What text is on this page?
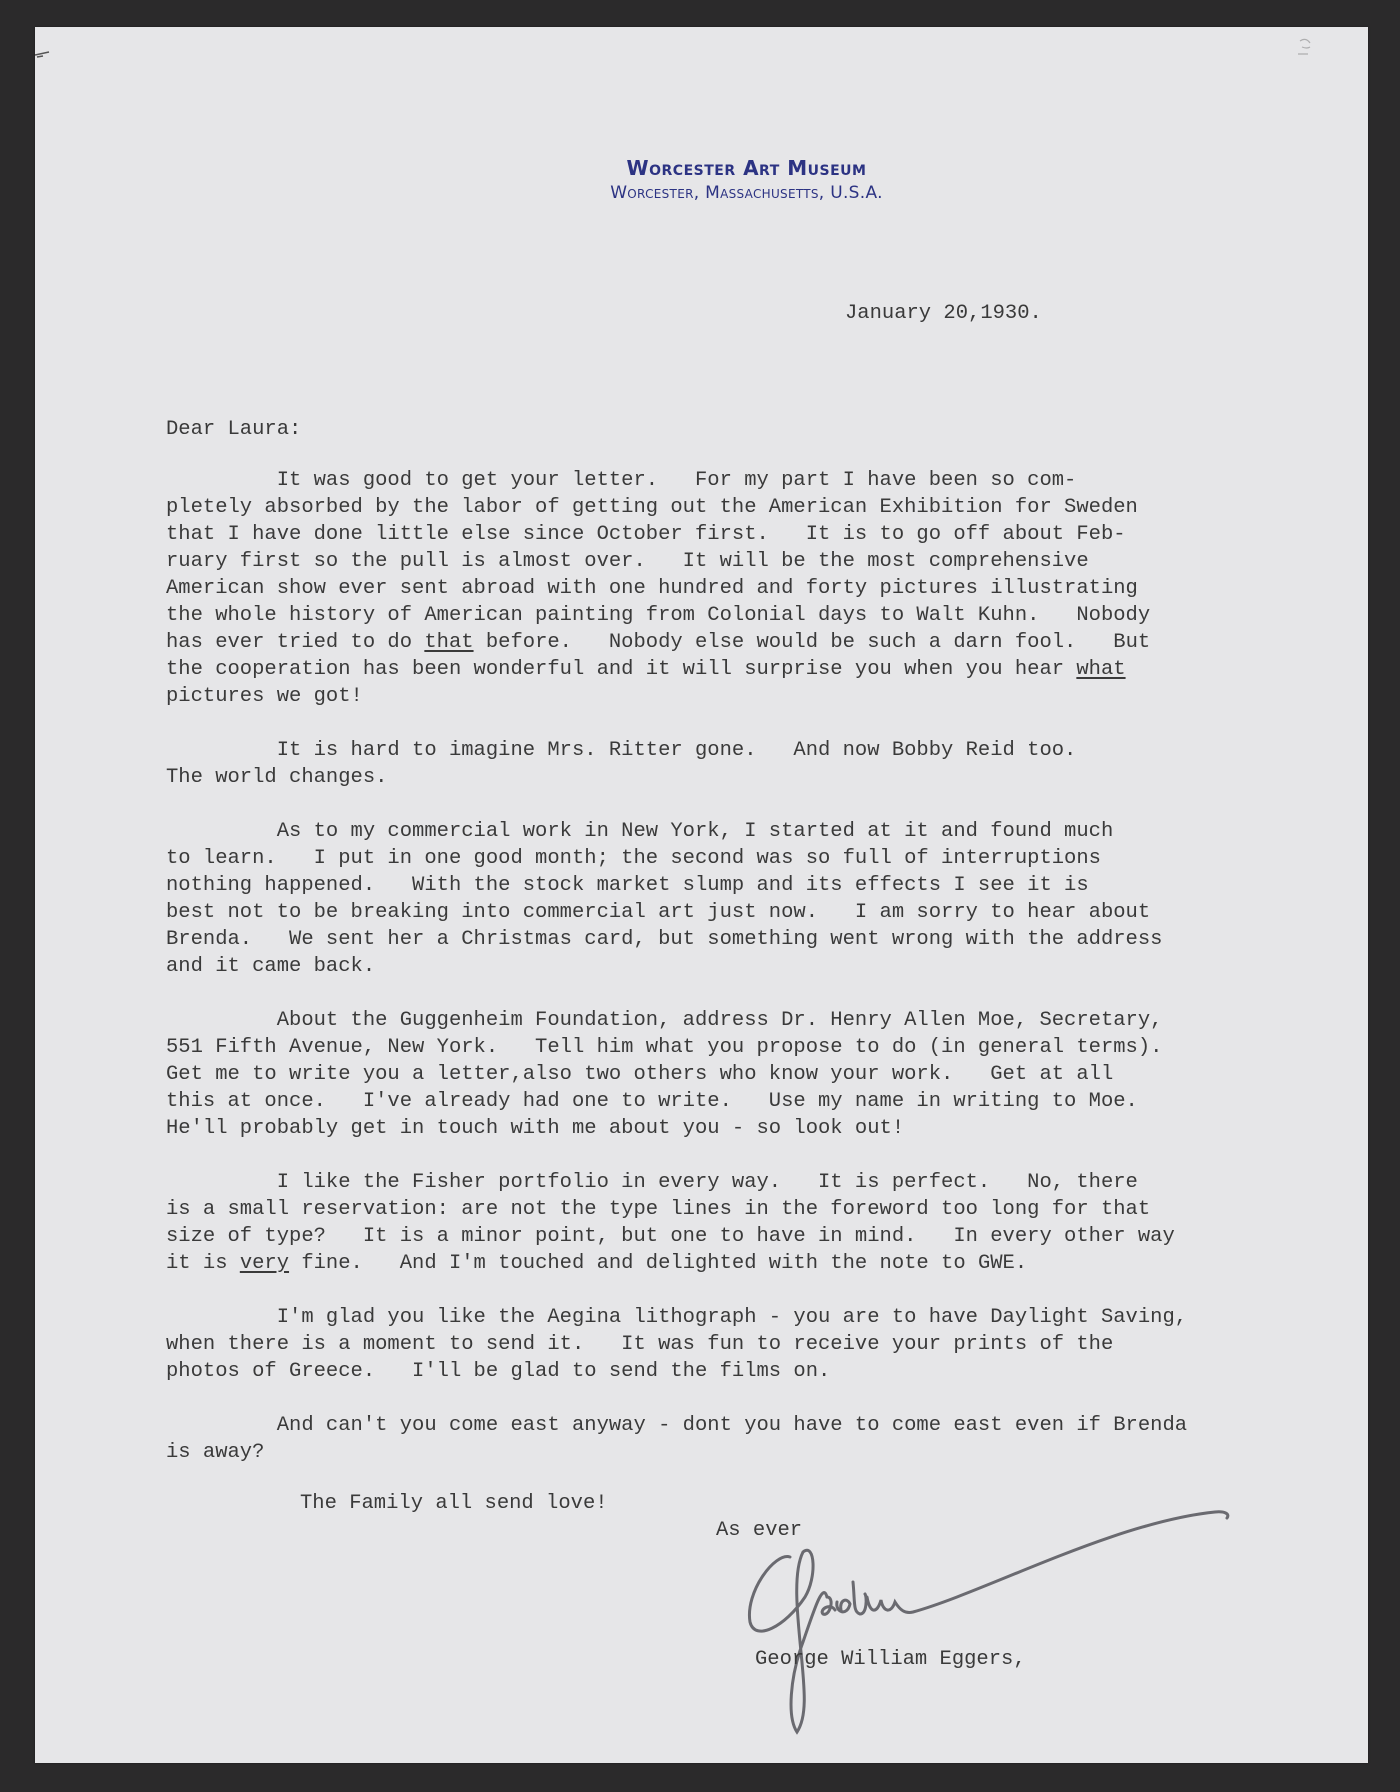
Worcester Art Museum
Worcester, Massachusetts, U.S.A.
January 20,1930.
Dear Laura:
It was good to get your letter.   For my part I have been so com-
pletely absorbed by the labor of getting out the American Exhibition for Sweden
that I have done little else since October first.   It is to go off about Feb-
ruary first so the pull is almost over.   It will be the most comprehensive
American show ever sent abroad with one hundred and forty pictures illustrating
the whole history of American painting from Colonial days to Walt Kuhn.   Nobody
has ever tried to do that before.   Nobody else would be such a darn fool.   But
the cooperation has been wonderful and it will surprise you when you hear what
pictures we got!
It is hard to imagine Mrs. Ritter gone.   And now Bobby Reid too.
The world changes.
As to my commercial work in New York, I started at it and found much
to learn.   I put in one good month; the second was so full of interruptions
nothing happened.   With the stock market slump and its effects I see it is
best not to be breaking into commercial art just now.   I am sorry to hear about
Brenda.   We sent her a Christmas card, but something went wrong with the address
and it came back.
About the Guggenheim Foundation, address Dr. Henry Allen Moe, Secretary,
551 Fifth Avenue, New York.   Tell him what you propose to do (in general terms).
Get me to write you a letter,also two others who know your work.   Get at all
this at once.   I've already had one to write.   Use my name in writing to Moe.
He'll probably get in touch with me about you - so look out!
I like the Fisher portfolio in every way.   It is perfect.   No, there
is a small reservation: are not the type lines in the foreword too long for that
size of type?   It is a minor point, but one to have in mind.   In every other way
it is very fine.   And I'm touched and delighted with the note to GWE.
I'm glad you like the Aegina lithograph - you are to have Daylight Saving,
when there is a moment to send it.   It was fun to receive your prints of the
photos of Greece.   I'll be glad to send the films on.
And can't you come east anyway - dont you have to come east even if Brenda
is away?
The Family all send love!
As ever
George William Eggers,
